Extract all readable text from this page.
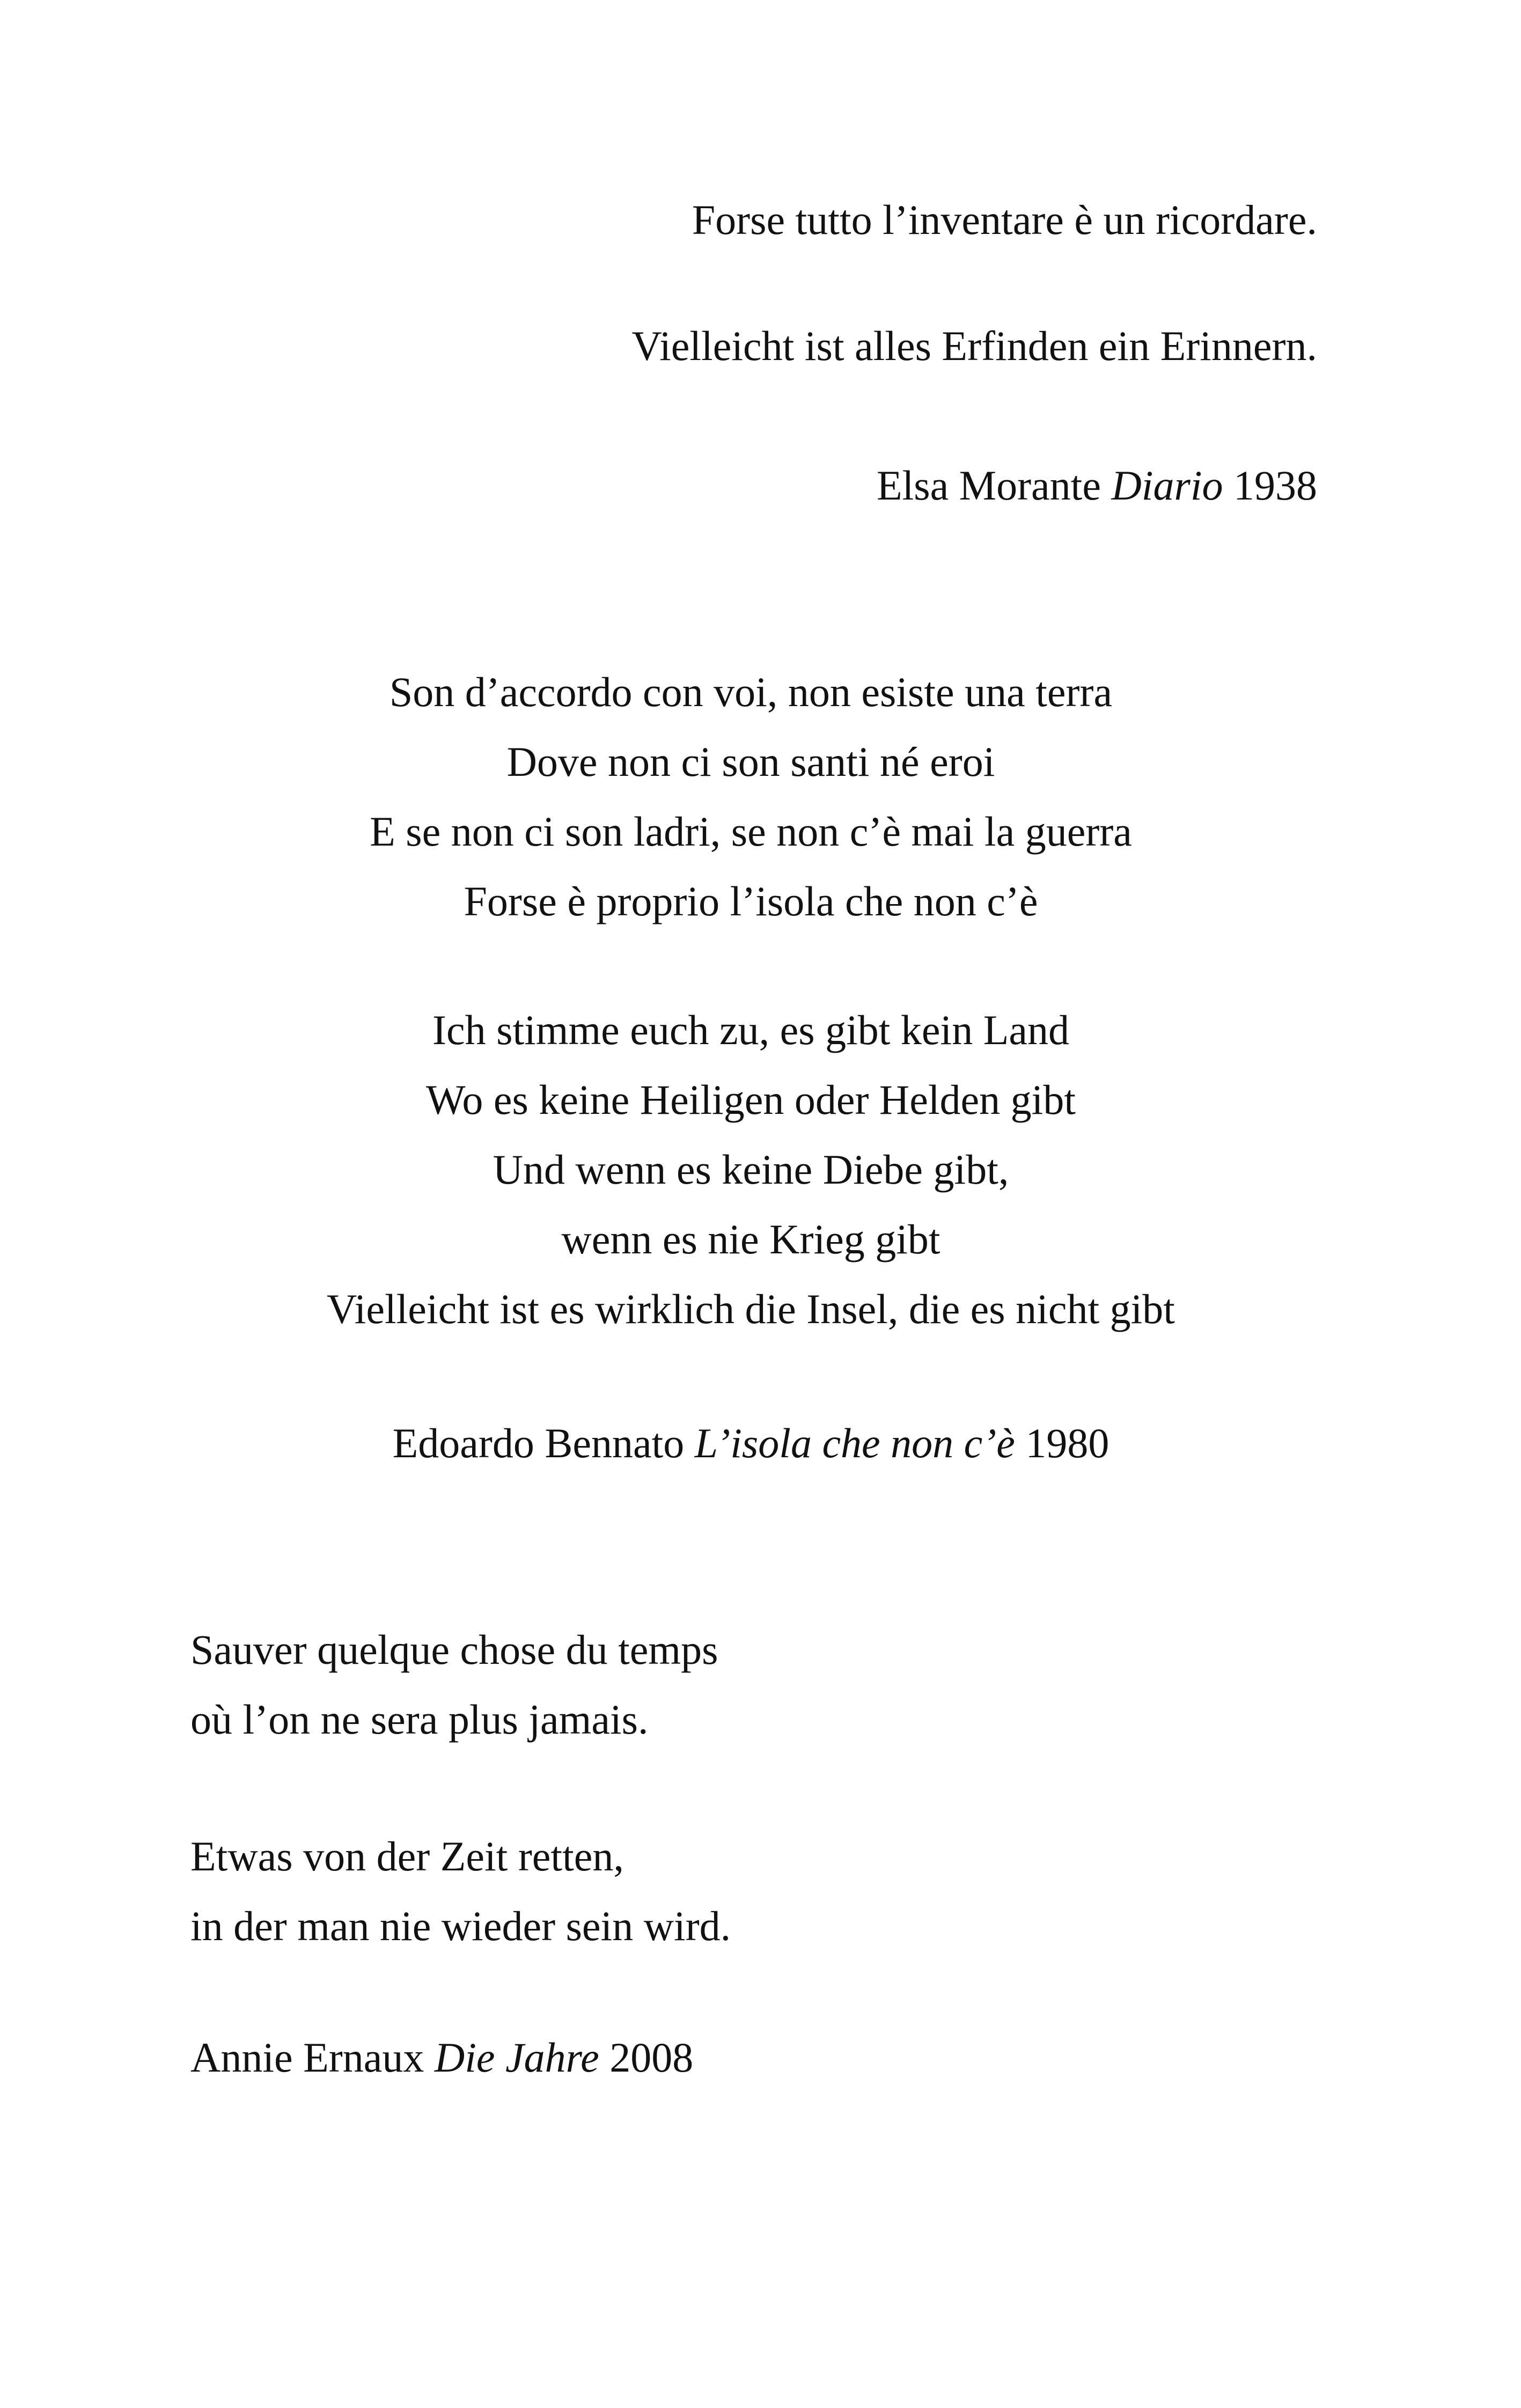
Forse tutto l’inventare è un ricordare.
Vielleicht ist alles Erfinden ein Erinnern.
Elsa Morante Diario 1938
Son d’accordo con voi, non esiste una terra
Dove non ci son santi né eroi
E se non ci son ladri, se non c’è mai la guerra
Forse è proprio l’isola che non c’è
Ich stimme euch zu, es gibt kein Land
Wo es keine Heiligen oder Helden gibt
Und wenn es keine Diebe gibt,
wenn es nie Krieg gibt
Vielleicht ist es wirklich die Insel, die es nicht gibt
Edoardo Bennato L’isola che non c’è 1980
Sauver quelque chose du temps
où l’on ne sera plus jamais.
Etwas von der Zeit retten,
in der man nie wieder sein wird.
Annie Ernaux Die Jahre 2008
